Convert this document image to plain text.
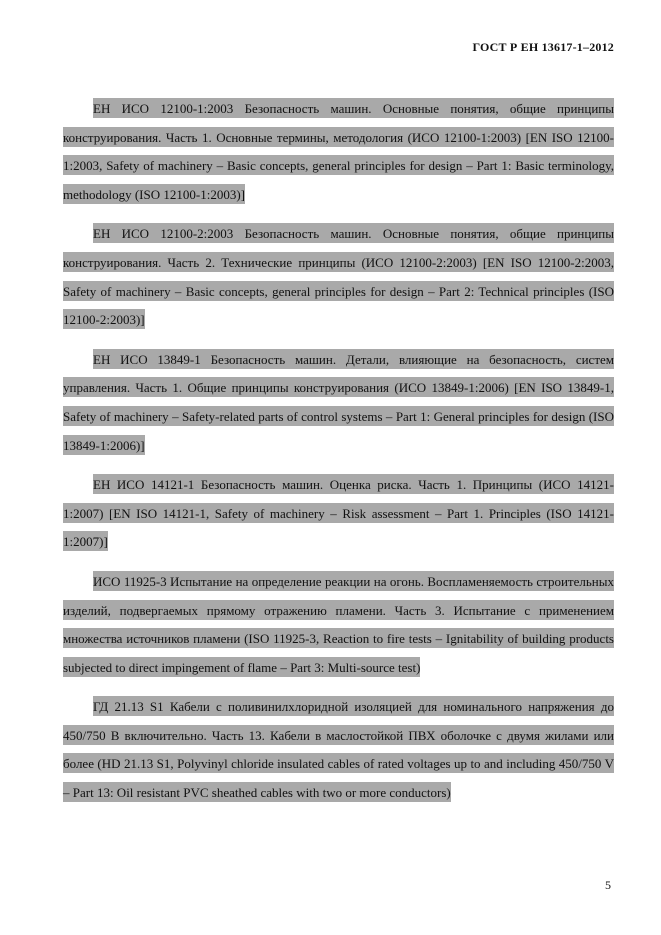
ГОСТ Р ЕН 13617-1–2012

ЕН ИСО 12100-1:2003 Безопасность машин. Основные понятия, общие принципы конструирования. Часть 1. Основные термины, методология (ИСО 12100-1:2003) [EN ISO 12100-1:2003, Safety of machinery – Basic concepts, general principles for design – Part 1: Basic terminology, methodology (ISO 12100-1:2003)]

ЕН ИСО 12100-2:2003 Безопасность машин. Основные понятия, общие принципы конструирования. Часть 2. Технические принципы (ИСО 12100-2:2003) [EN ISO 12100-2:2003, Safety of machinery – Basic concepts, general principles for design – Part 2: Technical principles (ISO 12100-2:2003)]

ЕН ИСО 13849-1 Безопасность машин. Детали, влияющие на безопасность, систем управления. Часть 1. Общие принципы конструирования (ИСО 13849-1:2006) [EN ISO 13849-1, Safety of machinery – Safety-related parts of control systems – Part 1: General principles for design (ISO 13849-1:2006)]

ЕН ИСО 14121-1 Безопасность машин. Оценка риска. Часть 1. Принципы (ИСО 14121-1:2007) [EN ISO 14121-1, Safety of machinery – Risk assessment – Part 1. Principles (ISO 14121-1:2007)]

ИСО 11925-3 Испытание на определение реакции на огонь. Воспламеняемость строительных изделий, подвергаемых прямому отражению пламени. Часть 3. Испытание с применением множества источников пламени (ISO 11925-3, Reaction to fire tests – Ignitability of building products subjected to direct impingement of flame – Part 3: Multi-source test)

ГД 21.13 S1 Кабели с поливинилхлоридной изоляцией для номинального напряжения до 450/750 В включительно. Часть 13. Кабели в маслостойкой ПВХ оболочке с двумя жилами или более (HD 21.13 S1, Polyvinyl chloride insulated cables of rated voltages up to and including 450/750 V – Part 13: Oil resistant PVC sheathed cables with two or more conductors)

5
